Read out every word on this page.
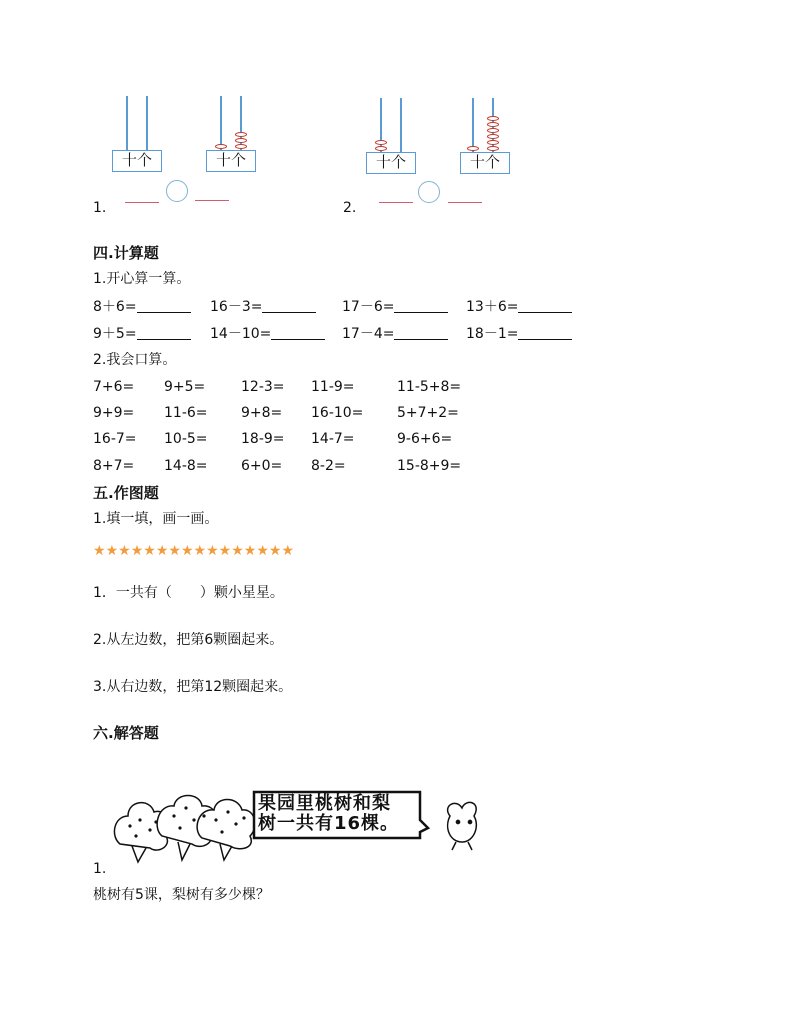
十个	十个
1.
十个	十个
2.
四.计算题
1.开心算一算。
8＋6=	16－3=	17－6=	13＋6=
9＋5=	14－10=	17－4=	18－1=
2.我会口算。
7+6= 9+5=	12-3= 11-9=	11-5+8=
9+9= 11-6= 9+8= 16-10= 5+7+2=
16-7= 10-5= 18-9= 14-7=	9-6+6=
8+7= 14-8= 6+0= 8-2=	15-8+9=
五.作图题
1.填一填，画一画。
★★★★★★★★★★★★★★★★
1．一共有（　　）颗小星星。
2.从左边数，把第6颗圈起来。
3.从右边数，把第12颗圈起来。
六.解答题
果园里桃树和梨
树一共有16棵。
1.
桃树有5课，梨树有多少棵？
